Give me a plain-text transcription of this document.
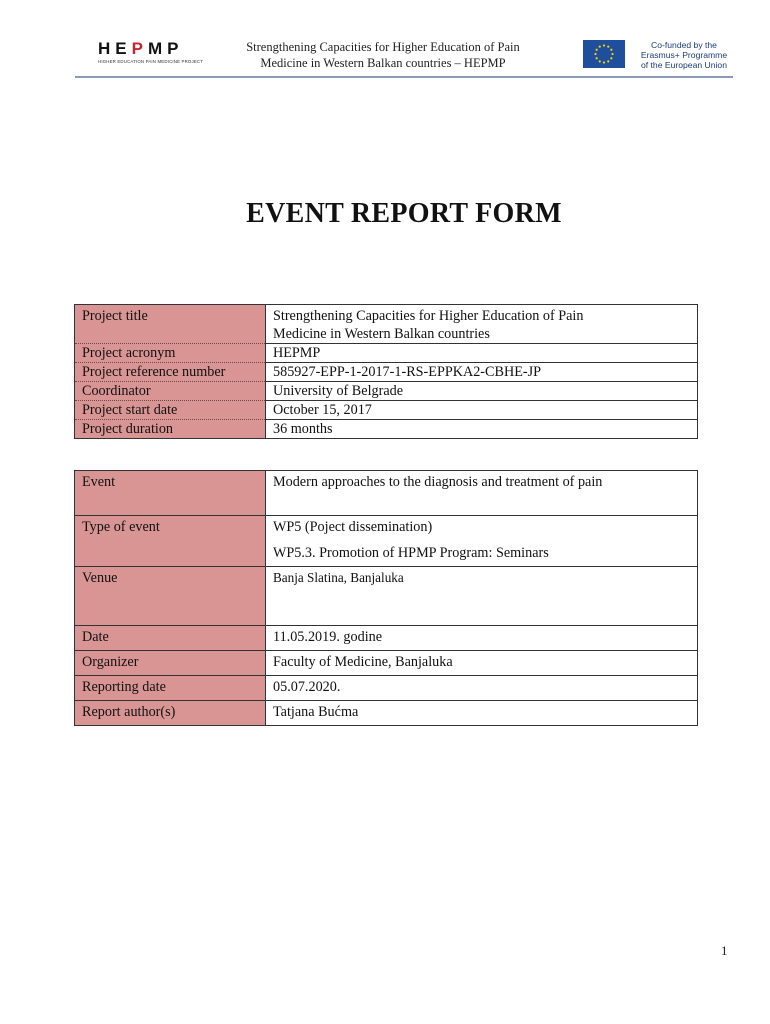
HEPMP
HIGHER EDUCATION PAIN MEDICINE PROJECT
Strengthening Capacities for Higher Education of Pain
Medicine in Western Balkan countries – HEPMP
Co-funded by the
Erasmus+ Programme
of the European Union
EVENT REPORT FORM
Project title	Strengthening Capacities for Higher Education of Pain
Medicine in Western Balkan countries

Project acronym	HEPMP
Project reference number	585927-EPP-1-2017-1-RS-EPPKA2-CBHE-JP
Coordinator	University of Belgrade
Project start date	October 15, 2017
Project duration	36 months
Event	Modern approaches to the diagnosis and treatment of pain
Type of event	WP5 (Poject dissemination)
WP5.3. Promotion of HPMP Program: Seminars

Venue	Banja Slatina, Banjaluka
Date	11.05.2019. godine
Organizer	Faculty of Medicine, Banjaluka
Reporting date	05.07.2020.
Report author(s)	Tatjana Bućma
1
